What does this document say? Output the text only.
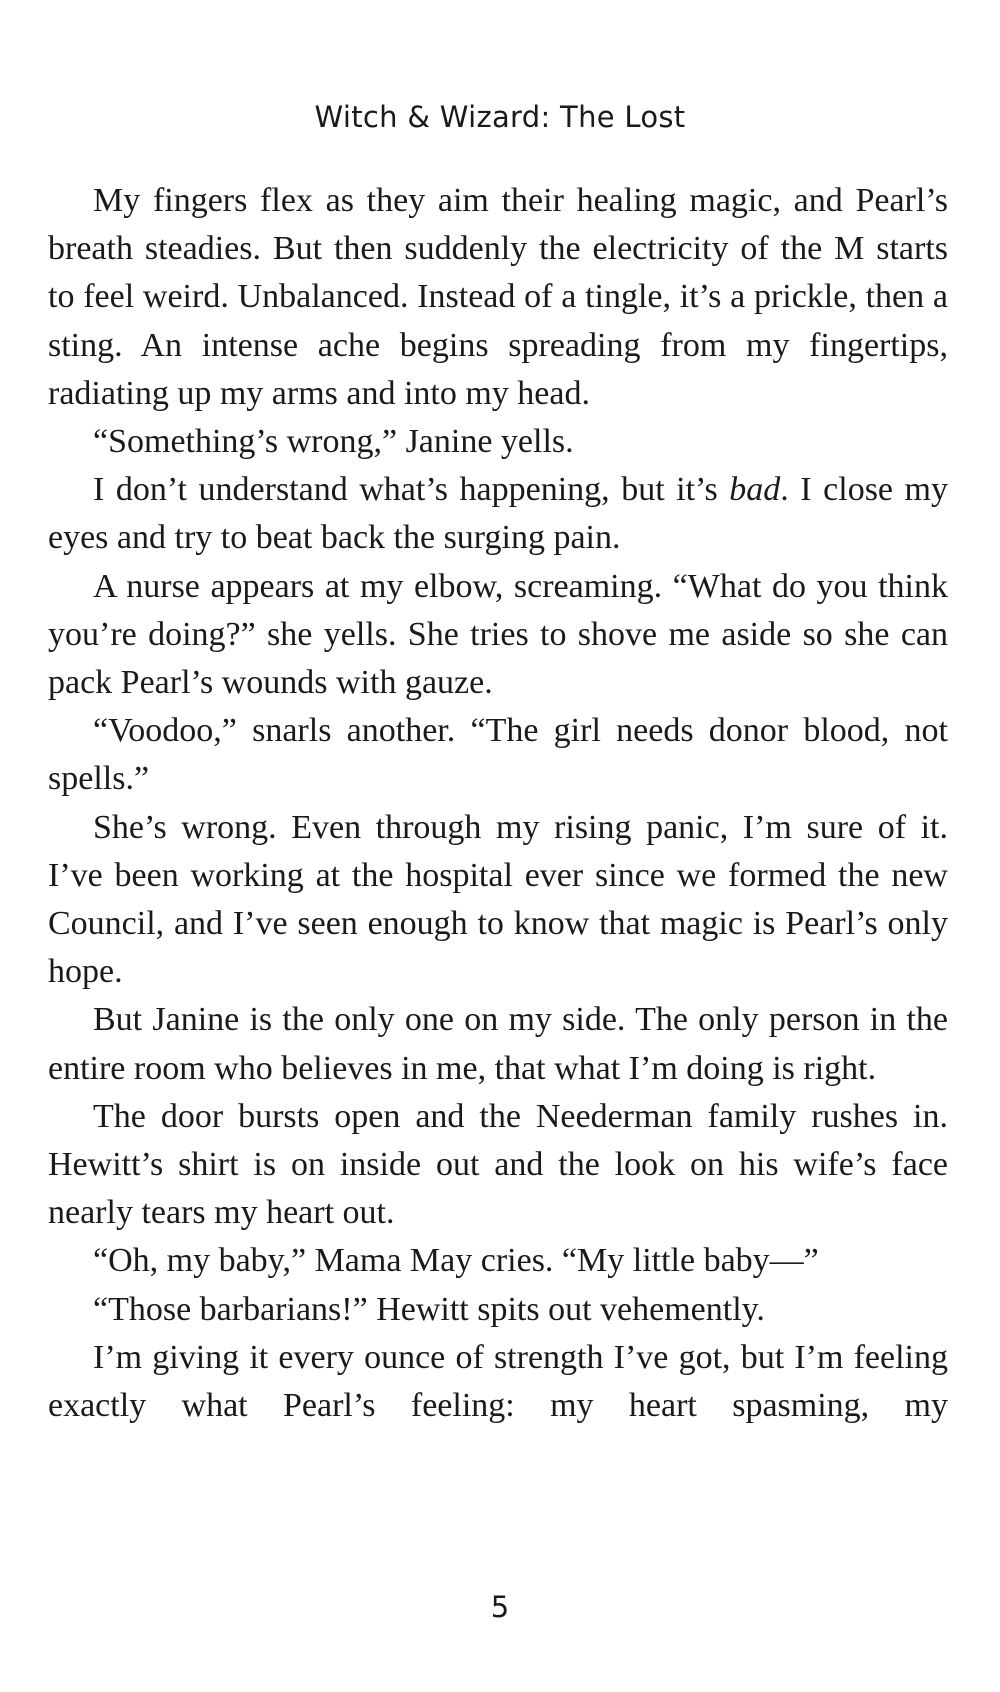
Witch & Wizard: The Lost

My fingers flex as they aim their healing magic, and Pearl’s breath steadies. But then suddenly the electricity of the M starts to feel weird. Unbalanced. Instead of a tingle, it’s a prickle, then a sting. An intense ache begins spreading from my fingertips, radiating up my arms and into my head.

“Something’s wrong,” Janine yells.

I don’t understand what’s happening, but it’s bad. I close my eyes and try to beat back the surging pain.

A nurse appears at my elbow, screaming. “What do you think you’re doing?” she yells. She tries to shove me aside so she can pack Pearl’s wounds with gauze.

“Voodoo,” snarls another. “The girl needs donor blood, not spells.”

She’s wrong. Even through my rising panic, I’m sure of it. I’ve been working at the hospital ever since we formed the new Council, and I’ve seen enough to know that magic is Pearl’s only hope.

But Janine is the only one on my side. The only person in the entire room who believes in me, that what I’m doing is right.

The door bursts open and the Neederman family rushes in. Hewitt’s shirt is on inside out and the look on his wife’s face nearly tears my heart out.

“Oh, my baby,” Mama May cries. “My little baby—”

“Those barbarians!” Hewitt spits out vehemently.

I’m giving it every ounce of strength I’ve got, but I’m feeling exactly what Pearl’s feeling: my heart spasming, my

5
